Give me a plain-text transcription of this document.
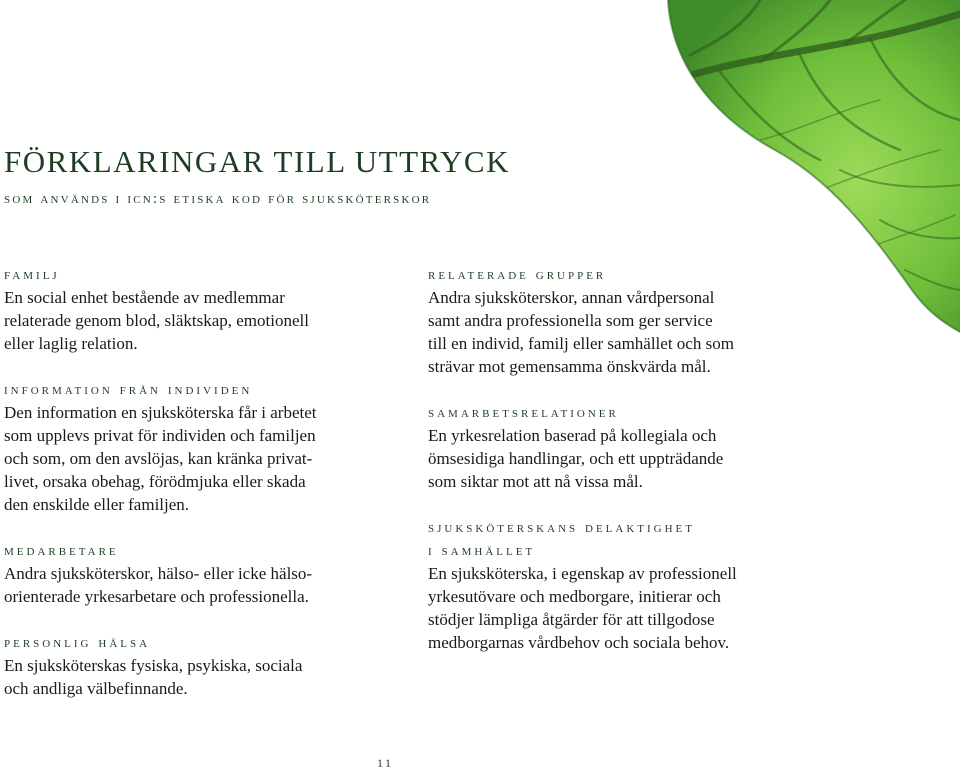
FÖRKLARINGAR TILL UTTRYCK
som används i icn:s etiska kod för sjuksköterskor
familj
En social enhet bestående av medlemmar
relaterade genom blod, släktskap, emotionell
eller laglig relation.
information från individen
Den information en sjuksköterska får i arbetet
som upplevs privat för individen och familjen
och som, om den avslöjas, kan kränka privat-
livet, orsaka obehag, förödmjuka eller skada
den enskilde eller familjen.
medarbetare
Andra sjuksköterskor, hälso- eller icke hälso-
orienterade yrkesarbetare och professionella.
personlig hälsa
En sjuksköterskas fysiska, psykiska, sociala
och andliga välbefinnande.
relaterade grupper
Andra sjuksköterskor, annan vårdpersonal
samt andra professionella som ger service
till en individ, familj eller samhället och som
strävar mot gemensamma önskvärda mål.
samarbetsrelationer
En yrkesrelation baserad på kollegiala och
ömsesidiga handlingar, och ett uppträdande
som siktar mot att nå vissa mål.
sjuksköterskans delaktighet
i samhället
En sjuksköterska, i egenskap av professionell
yrkesutövare och medborgare, initierar och
stödjer lämpliga åtgärder för att tillgodose
medborgarnas vårdbehov och sociala behov.
11
